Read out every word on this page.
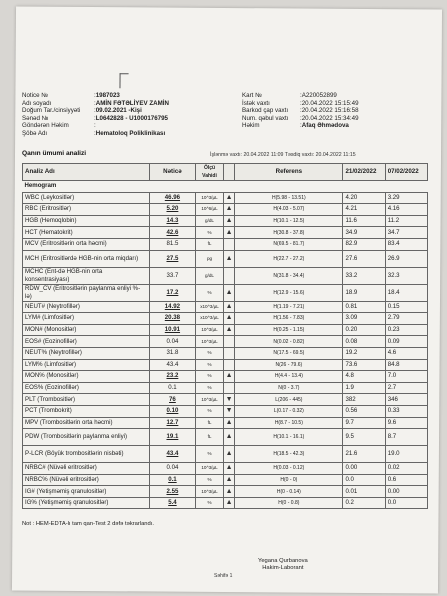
Notice №	: 1987023
Adı soyadı	: AMİN FƏTƏLİYEV ZAMİN
Doğum Tar./cinsiyyəti	: 09.02.2021 -Kişi
Sənəd №	: L0642828 - U1000176795
Göndərən Həkim	:
Şöbə Adı	: Hematoloq Poliklinikası
Kart №	: A220052899
İstək vaxtı	: 20.04.2022 15:15:49
Barkod çap vaxtı	: 20.04.2022 15:16:58
Num. qəbul vaxtı	: 20.04.2022 15:34:49
Həkim	: Afaq Əhmədova
Qanın ümumi analizi	İşlənmə vaxtı: 20.04.2022 11:09 Təsdiq vaxtı: 20.04.2022 11:15
Analiz Adı	Nəticə	Ölçü Vahidi		Referens	21/02/2022	07/02/2022
Hemogram						
WBC (Leykositlər)	46.96	10^3/µL	▲	H(5.98 - 13.51)	4.20	3.29
RBC (Eritrositlər)	5.20	10^6/µL	▲	H(4.03 - 5.07)	4.21	4.16
HGB (Hemoqlobin)	14.3	g/dL	▲	H(10.1 - 12.5)	11.6	11.2
HCT (Hematokrit)	42.6	%	▲	H(30.8 - 37.8)	34.9	34.7
MCV (Eritrositlərin orta həcmi)	81.5	fL		N(69.5 - 81.7)	82.9	83.4
MCH (Eritrositlərdə HGB-nin orta miqdarı)	27.5	pg	▲	H(22.7 - 27.2)	27.6	26.9
MCHC (Ent-də HGB-nin orta konsentrasiyası)	33.7	g/dL		N(31.8 - 34.4)	33.2	32.3
RDW_CV (Eritrositlərin paylanma enliyi %-lə)	17.2	%	▲	H(12.9 - 15.6)	18.9	18.4
NEUT# (Neytrofillər)	14.92	x10^3/µL	▲	H(1.19 - 7.21)	0.81	0.15
LYM# (Limfositlər)	20.38	x10^3/µL	▲	H(1.56 - 7.83)	3.09	2.79
MON# (Monositlər)	10.91	10^3/µL	▲	H(0.25 - 1.15)	0.20	0.23
EOS# (Eozinofillər)	0.04	10^3/µL		N(0.02 - 0.82)	0.08	0.09
NEUT% (Neytrofillər)	31.8	%		N(17.5 - 69.5)	19.2	4.6
LYM% (Limfositlər)	43.4	%		N(26 - 79.6)	73.6	84.8
MON% (Monositlər)	23.2	%	▲	H(4.4 - 13.4)	4.8	7.0
EOS% (Eozinofillər)	0.1	%		N(0 - 3.7)	1.9	2.7
PLT (Trombositlər)	76	10^3/µL	▼	L(206 - 445)	382	346
PCT (Trombokrit)	0.10	%	▼	L(0.17 - 0.32)	0.56	0.33
MPV (Trombositlərin orta həcmi)	12.7	fL	▲	H(8.7 - 10.5)	9.7	9.6
PDW (Trombositlərin paylanma enliyi)	19.1	fL	▲	H(10.1 - 16.1)	9.5	8.7
P-LCR (Böyük trombositlərin nisbəti)	43.4	%	▲	H(18.5 - 42.3)	21.6	19.0
NRBC# (Nüvəli eritrositlər)	0.04	10^3/µL	▲	H(0.03 - 0.12)	0.00	0.02
NRBC% (Nüvəli eritrositlər)	0.1	%	▲	H(0 - 0)	0.0	0.6
IG# (Yetişməmiş qranulositlər)	2.55	10^3/µL	▲	H(0 - 0.14)	0.01	0.00
IG% (Yetişməmiş qranulositlər)	5.4	%	▲	H(0 - 0.8)	0.2	0.0
Not : HEM-EDTA-lı tam qan-Test 2 dəfə təkrarlandı.
Yegana Qurbanova
Hakim-Laborant
Səhifə 1
